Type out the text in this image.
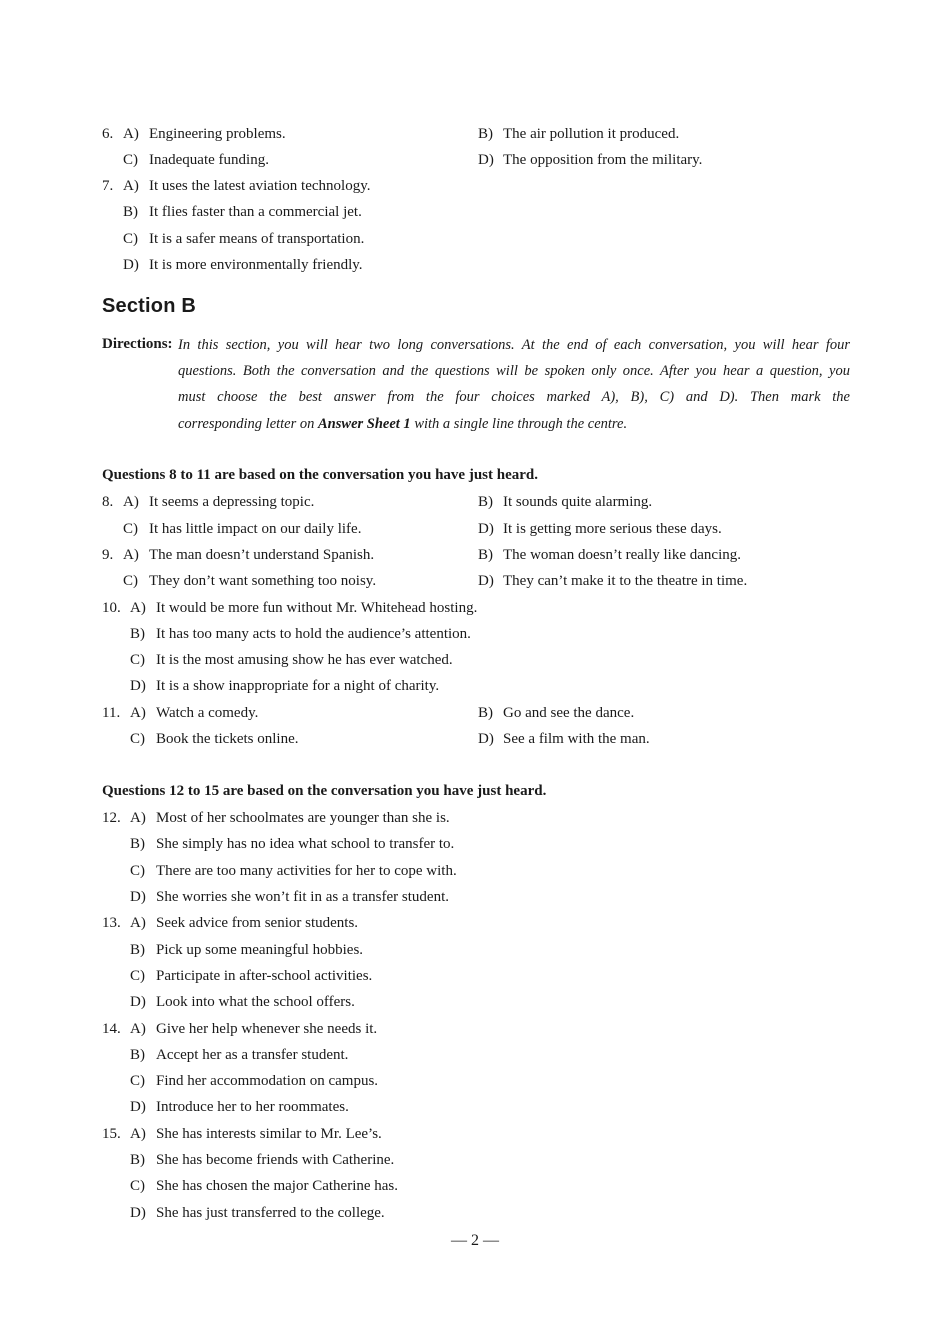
6. A) Engineering problems.	B) The air pollution it produced.
C) Inadequate funding.	D) The opposition from the military.
7. A) It uses the latest aviation technology.
B) It flies faster than a commercial jet.
C) It is a safer means of transportation.
D) It is more environmentally friendly.
Section B
Directions: In this section, you will hear two long conversations. At the end of each conversation, you will hear four
questions. Both the conversation and the questions will be spoken only once. After you hear a question, you
must choose the best answer from the four choices marked A), B), C) and D). Then mark the
corresponding letter on Answer Sheet 1 with a single line through the centre.
Questions 8 to 11 are based on the conversation you have just heard.
8. A) It seems a depressing topic.	B) It sounds quite alarming.
C) It has little impact on our daily life.	D) It is getting more serious these days.
9. A) The man doesn’t understand Spanish.	B) The woman doesn’t really like dancing.
C) They don’t want something too noisy.	D) They can’t make it to the theatre in time.
10. A) It would be more fun without Mr. Whitehead hosting.
B) It has too many acts to hold the audience’s attention.
C) It is the most amusing show he has ever watched.
D) It is a show inappropriate for a night of charity.
11. A) Watch a comedy.	B) Go and see the dance.
C) Book the tickets online.	D) See a film with the man.
Questions 12 to 15 are based on the conversation you have just heard.
12. A) Most of her schoolmates are younger than she is.
B) She simply has no idea what school to transfer to.
C) There are too many activities for her to cope with.
D) She worries she won’t fit in as a transfer student.
13. A) Seek advice from senior students.
B) Pick up some meaningful hobbies.
C) Participate in after-school activities.
D) Look into what the school offers.
14. A) Give her help whenever she needs it.
B) Accept her as a transfer student.
C) Find her accommodation on campus.
D) Introduce her to her roommates.
15. A) She has interests similar to Mr. Lee’s.
B) She has become friends with Catherine.
C) She has chosen the major Catherine has.
D) She has just transferred to the college.
— 2 —
